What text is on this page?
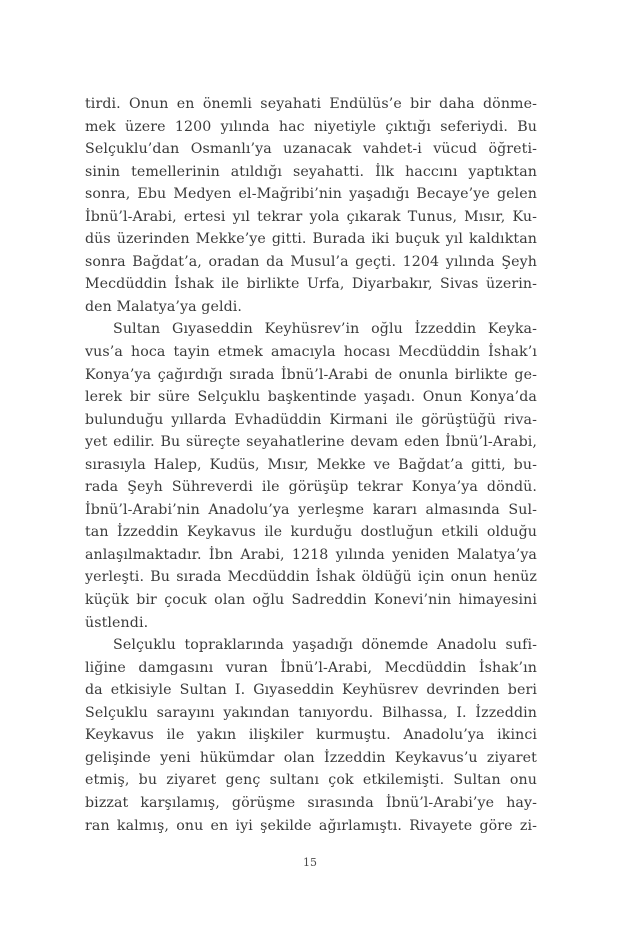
tirdi. Onun en önemli seyahati Endülüs’e bir daha dönme-
mek üzere 1200 yılında hac niyetiyle çıktığı seferiydi. Bu
Selçuklu’dan Osmanlı’ya uzanacak vahdet-i vücud öğreti-
sinin temellerinin atıldığı seyahatti. İlk haccını yaptıktan
sonra, Ebu Medyen el-Mağribi’nin yaşadığı Becaye’ye gelen
İbnü’l-Arabi, ertesi yıl tekrar yola çıkarak Tunus, Mısır, Ku-
düs üzerinden Mekke’ye gitti. Burada iki buçuk yıl kaldıktan
sonra Bağdat’a, oradan da Musul’a geçti. 1204 yılında Şeyh
Mecdüddin İshak ile birlikte Urfa, Diyarbakır, Sivas üzerin-
den Malatya’ya geldi.
Sultan Gıyaseddin Keyhüsrev’in oğlu İzzeddin Keyka-
vus’a hoca tayin etmek amacıyla hocası Mecdüddin İshak’ı
Konya’ya çağırdığı sırada İbnü’l-Arabi de onunla birlikte ge-
lerek bir süre Selçuklu başkentinde yaşadı. Onun Konya’da
bulunduğu yıllarda Evhadüddin Kirmani ile görüştüğü riva-
yet edilir. Bu süreçte seyahatlerine devam eden İbnü’l-Arabi,
sırasıyla Halep, Kudüs, Mısır, Mekke ve Bağdat’a gitti, bu-
rada Şeyh Sühreverdi ile görüşüp tekrar Konya’ya döndü.
İbnü’l-Arabi’nin Anadolu’ya yerleşme kararı almasında Sul-
tan İzzeddin Keykavus ile kurduğu dostluğun etkili olduğu
anlaşılmaktadır. İbn Arabi, 1218 yılında yeniden Malatya’ya
yerleşti. Bu sırada Mecdüddin İshak öldüğü için onun henüz
küçük bir çocuk olan oğlu Sadreddin Konevi’nin himayesini
üstlendi.
Selçuklu topraklarında yaşadığı dönemde Anadolu sufi-
liğine damgasını vuran İbnü’l-Arabi, Mecdüddin İshak’ın
da etkisiyle Sultan I. Gıyaseddin Keyhüsrev devrinden beri
Selçuklu sarayını yakından tanıyordu. Bilhassa, I. İzzeddin
Keykavus ile yakın ilişkiler kurmuştu. Anadolu’ya ikinci
gelişinde yeni hükümdar olan İzzeddin Keykavus’u ziyaret
etmiş, bu ziyaret genç sultanı çok etkilemişti. Sultan onu
bizzat karşılamış, görüşme sırasında İbnü’l-Arabi’ye hay-
ran kalmış, onu en iyi şekilde ağırlamıştı. Rivayete göre zi-
15
